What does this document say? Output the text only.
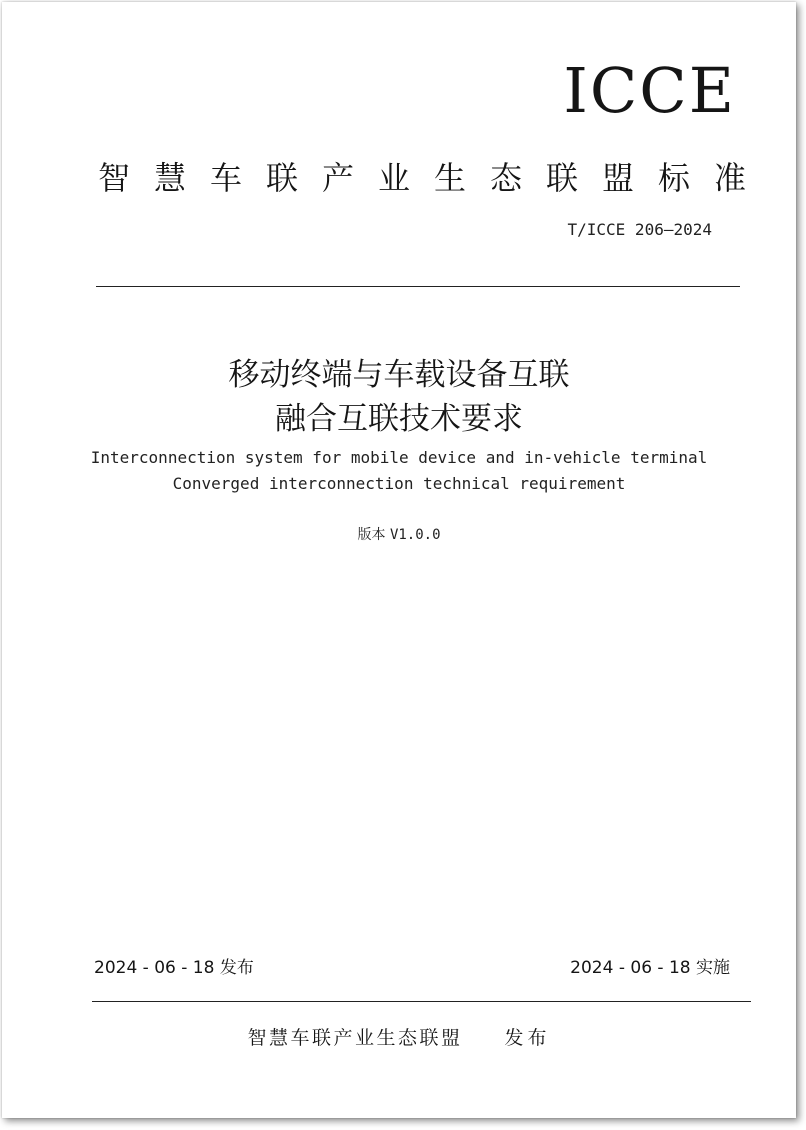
ICCE
智慧车联产业生态联盟标准
T/ICCE 206—2024
移动终端与车载设备互联
融合互联技术要求
Interconnection system for mobile device and in-vehicle terminal
Converged interconnection technical requirement
版本 V1.0.0
2024 - 06 - 18 发布	2024 - 06 - 18 实施
智慧车联产业生态联盟 发布
